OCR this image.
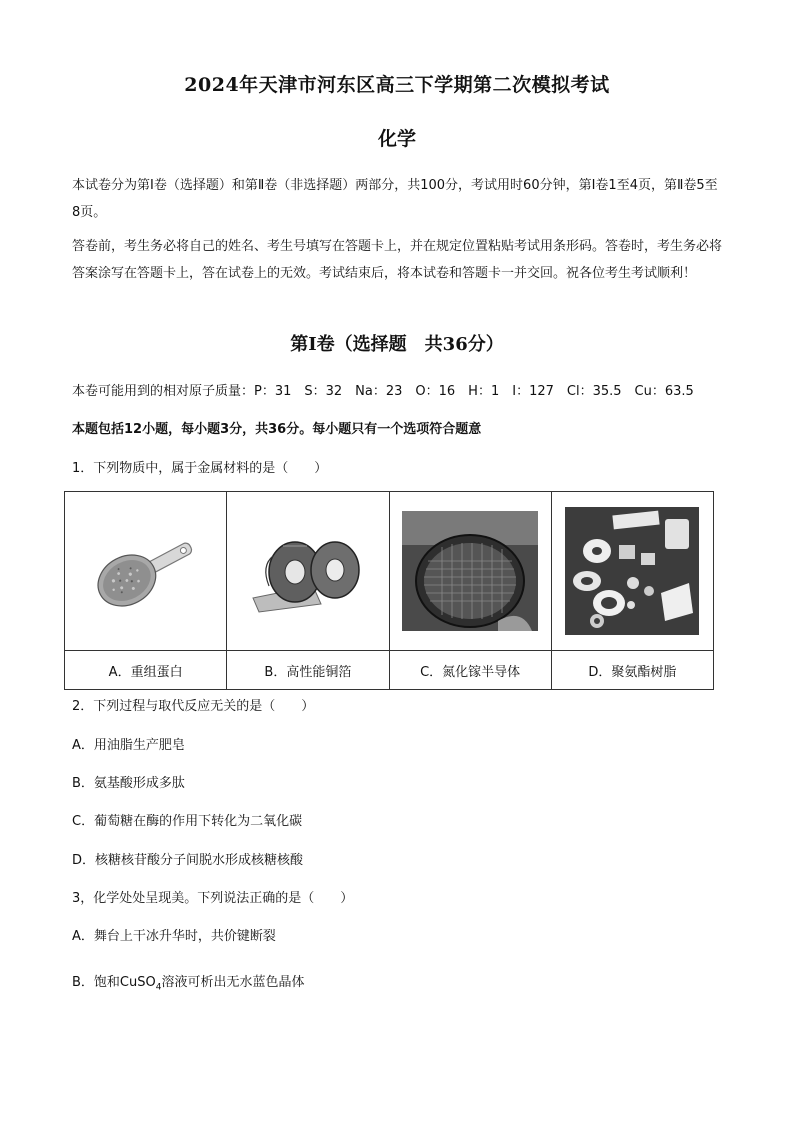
2024年天津市河东区高三下学期第二次模拟考试
化学
本试卷分为第Ⅰ卷（选择题）和第Ⅱ卷（非选择题）两部分，共100分，考试用时60分钟，第Ⅰ卷1至4页，第Ⅱ卷5至8页。
答卷前，考生务必将自己的姓名、考生号填写在答题卡上，并在规定位置粘贴考试用条形码。答卷时，考生务必将答案涂写在答题卡上，答在试卷上的无效。考试结束后，将本试卷和答题卡一并交回。祝各位考生考试顺利！
第Ⅰ卷（选择题　共36分）
本卷可能用到的相对原子质量：P：31　S：32　Na：23　O：16　H：1　I：127　Cl：35.5　Cu：63.5
本题包括12小题，每小题3分，共36分。每小题只有一个选项符合题意
1．下列物质中，属于金属材料的是（　　）

A．重组蛋白	B．高性能铜箔	C．氮化镓半导体	D．聚氨酯树脂
2．下列过程与取代反应无关的是（　　）
A．用油脂生产肥皂
B．氨基酸形成多肽
C．葡萄糖在酶的作用下转化为二氧化碳
D．核糖核苷酸分子间脱水形成核糖核酸
3，化学处处呈现美。下列说法正确的是（　　）
A．舞台上干冰升华时，共价键断裂
B．饱和CuSO$_4$溶液可析出无水蓝色晶体
